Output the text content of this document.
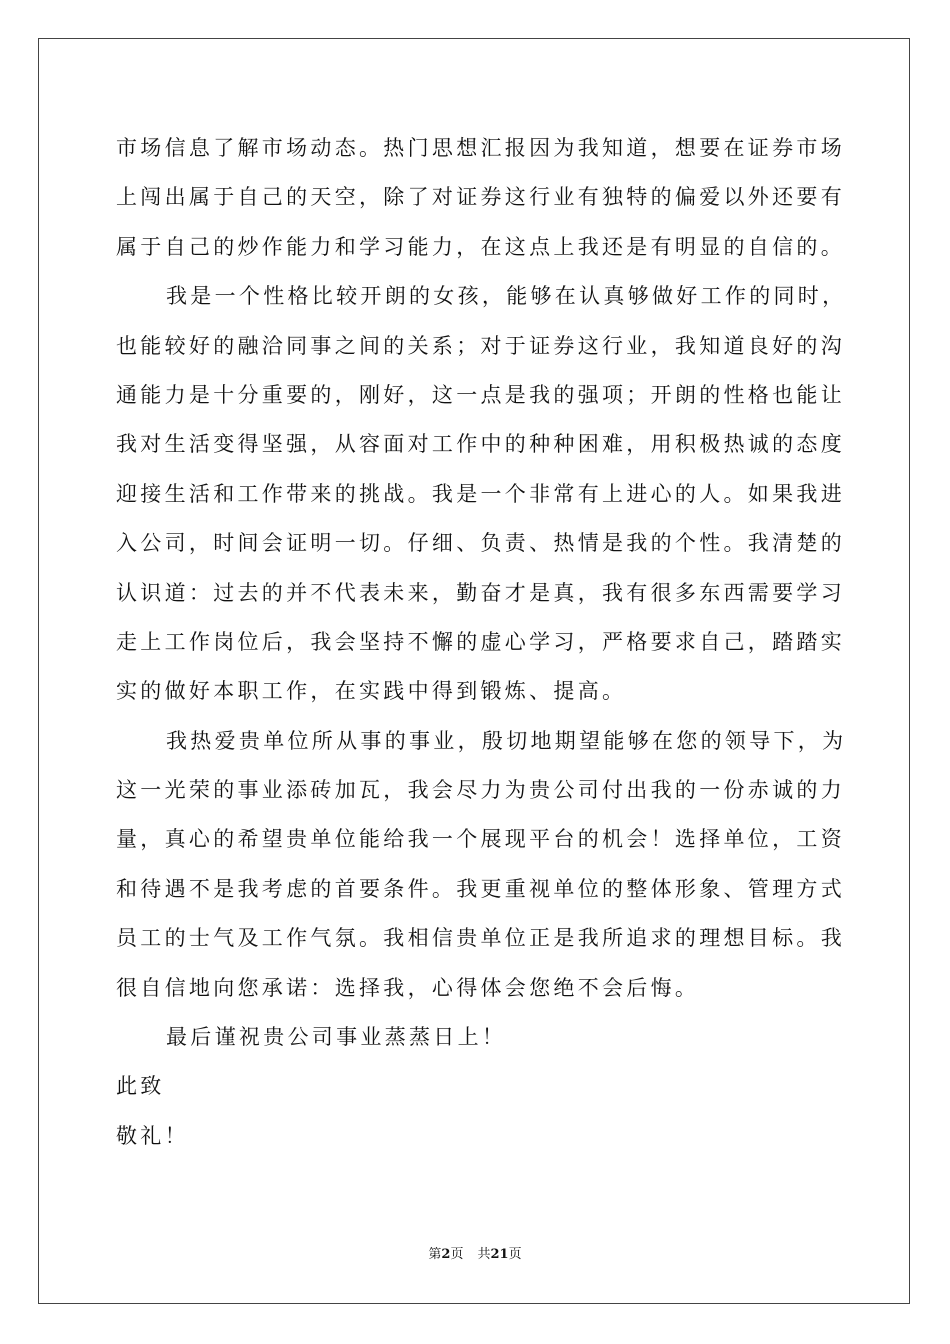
市场信息了解市场动态。热门思想汇报因为我知道，想要在证券市场
上闯出属于自己的天空，除了对证券这行业有独特的偏爱以外还要有
属于自己的炒作能力和学习能力，在这点上我还是有明显的自信的。
我是一个性格比较开朗的女孩，能够在认真够做好工作的同时，
也能较好的融洽同事之间的关系；对于证券这行业，我知道良好的沟
通能力是十分重要的，刚好，这一点是我的强项；开朗的性格也能让
我对生活变得坚强，从容面对工作中的种种困难，用积极热诚的态度
迎接生活和工作带来的挑战。我是一个非常有上进心的人。如果我进
入公司，时间会证明一切。仔细、负责、热情是我的个性。我清楚的
认识道：过去的并不代表未来，勤奋才是真，我有很多东西需要学习
走上工作岗位后，我会坚持不懈的虚心学习，严格要求自己，踏踏实
实的做好本职工作，在实践中得到锻炼、提高。
我热爱贵单位所从事的事业，殷切地期望能够在您的领导下，为
这一光荣的事业添砖加瓦，我会尽力为贵公司付出我的一份赤诚的力
量，真心的希望贵单位能给我一个展现平台的机会！选择单位，工资
和待遇不是我考虑的首要条件。我更重视单位的整体形象、管理方式
员工的士气及工作气氛。我相信贵单位正是我所追求的理想目标。我
很自信地向您承诺：选择我，心得体会您绝不会后悔。
最后谨祝贵公司事业蒸蒸日上！
此致
敬礼！
第2页 共21页
